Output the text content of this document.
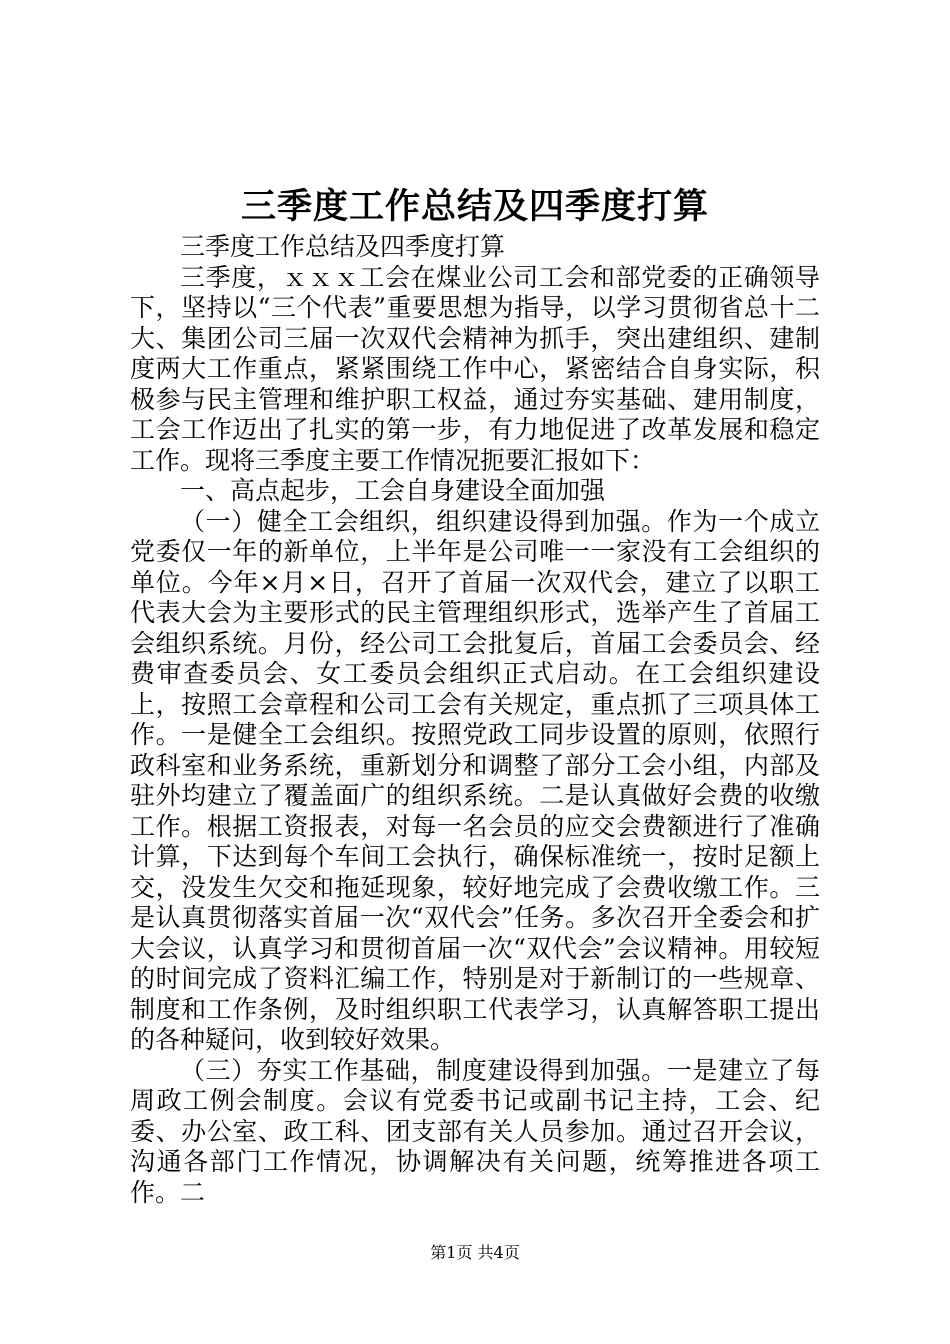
三季度工作总结及四季度打算

三季度工作总结及四季度打算

三季度，ｘｘｘ工会在煤业公司工会和部党委的正确领导下，坚持以“三个代表”重要思想为指导，以学习贯彻省总十二大、集团公司三届一次双代会精神为抓手，突出建组织、建制度两大工作重点，紧紧围绕工作中心，紧密结合自身实际，积极参与民主管理和维护职工权益，通过夯实基础、建用制度，工会工作迈出了扎实的第一步，有力地促进了改革发展和稳定工作。现将三季度主要工作情况扼要汇报如下：

一、高点起步，工会自身建设全面加强

（一）健全工会组织，组织建设得到加强。作为一个成立党委仅一年的新单位，上半年是公司唯一一家没有工会组织的单位。今年×月×日，召开了首届一次双代会，建立了以职工代表大会为主要形式的民主管理组织形式，选举产生了首届工会组织系统。月份，经公司工会批复后，首届工会委员会、经费审查委员会、女工委员会组织正式启动。在工会组织建设上，按照工会章程和公司工会有关规定，重点抓了三项具体工作。一是健全工会组织。按照党政工同步设置的原则，依照行政科室和业务系统，重新划分和调整了部分工会小组，内部及驻外均建立了覆盖面广的组织系统。二是认真做好会费的收缴工作。根据工资报表，对每一名会员的应交会费额进行了准确计算，下达到每个车间工会执行，确保标准统一，按时足额上交，没发生欠交和拖延现象，较好地完成了会费收缴工作。三是认真贯彻落实首届一次“双代会”任务。多次召开全委会和扩大会议，认真学习和贯彻首届一次“双代会”会议精神。用较短的时间完成了资料汇编工作，特别是对于新制订的一些规章、制度和工作条例，及时组织职工代表学习，认真解答职工提出的各种疑问，收到较好效果。

（三）夯实工作基础，制度建设得到加强。一是建立了每周政工例会制度。会议有党委书记或副书记主持，工会、纪委、办公室、政工科、团支部有关人员参加。通过召开会议，沟通各部门工作情况，协调解决有关问题，统筹推进各项工作。二

第1页 共4页
